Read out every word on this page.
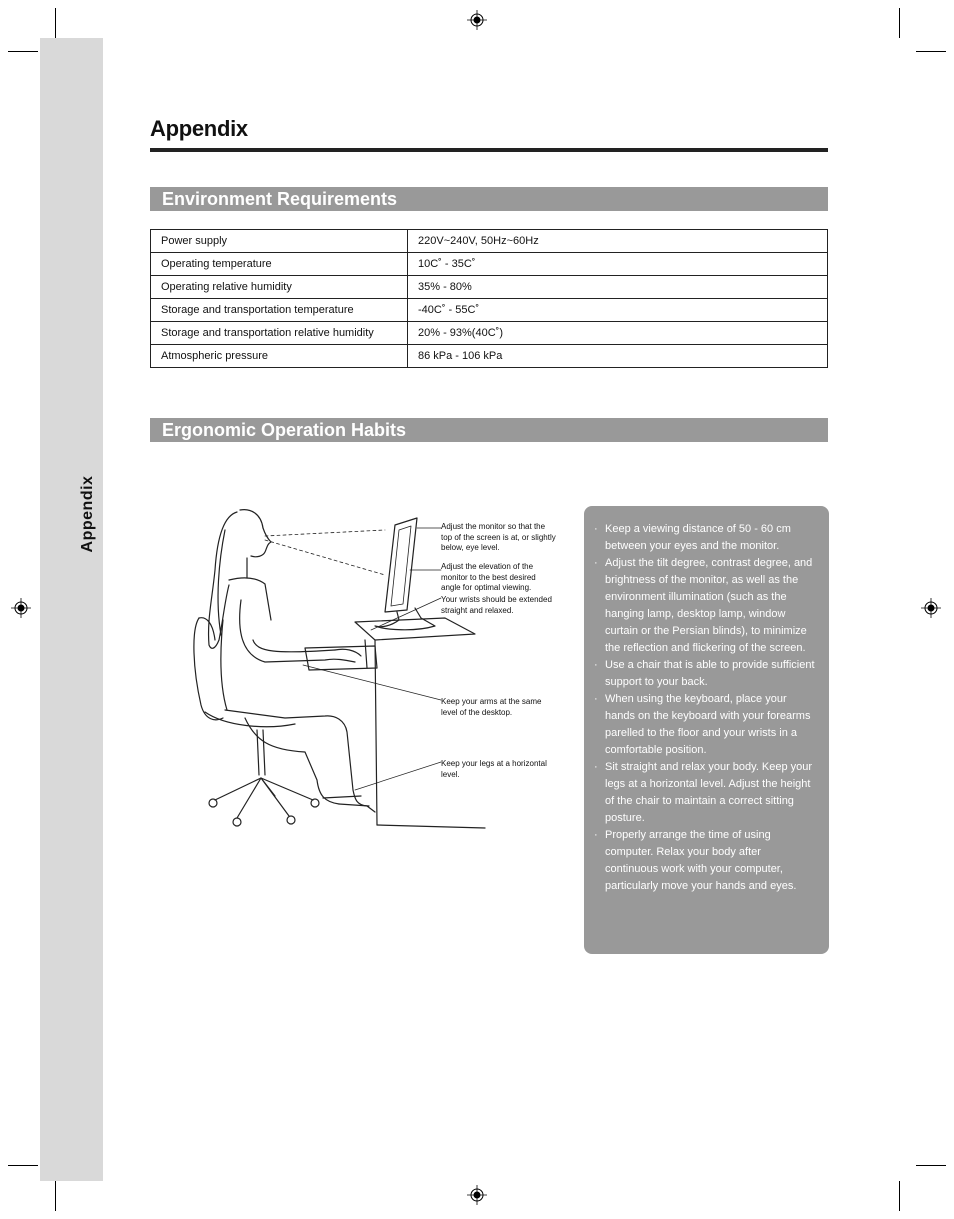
Appendix
Appendix
Environment Requirements
Power supply	220V~240V, 50Hz~60Hz
Operating temperature	10C˚ - 35C˚
Operating relative humidity	35% - 80%
Storage and transportation temperature	-40C˚ - 55C˚
Storage and transportation relative humidity	20% - 93%(40C˚)
Atmospheric pressure	86 kPa - 106 kPa
Ergonomic Operation Habits
Adjust the monitor so that the top of the screen is at, or slightly below, eye level.
Adjust the elevation of the monitor to the best desired angle for optimal viewing.
Your wrists should be extended straight and relaxed.
Keep your arms at the same level of the desktop.
Keep your legs at a horizontal level.
· Keep a viewing distance of 50 - 60 cm between your eyes and the monitor.
· Adjust the tilt degree, contrast degree, and brightness of the monitor, as well as the environment illumination (such as the hanging lamp, desktop lamp, window curtain or the Persian blinds), to minimize the reflection and flickering of the screen.
· Use a chair that is able to provide sufficient support to your back.
· When using the keyboard, place your hands on the keyboard with your forearms parelled to the floor and your wrists in a comfortable position.
· Sit straight and relax your body. Keep your legs at a horizontal level. Adjust the height of the chair to maintain a correct sitting posture.
· Properly arrange the time of using computer. Relax your body after continuous work with your computer, particularly move your hands and eyes.
